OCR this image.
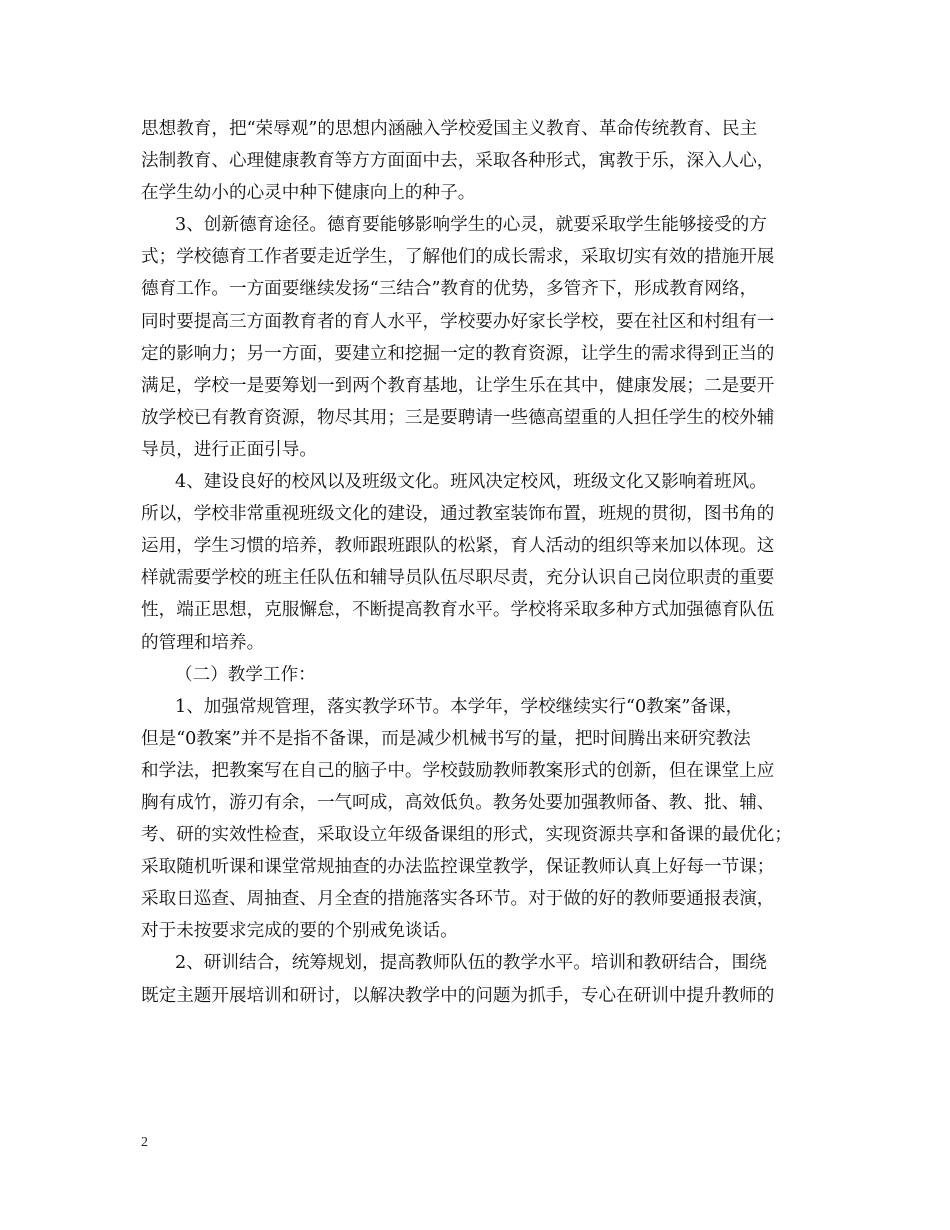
思想教育，把“荣辱观”的思想内涵融入学校爱国主义教育、革命传统教育、民主
法制教育、心理健康教育等方方面面中去，采取各种形式，寓教于乐，深入人心，
在学生幼小的心灵中种下健康向上的种子。
3、创新德育途径。德育要能够影响学生的心灵，就要采取学生能够接受的方
式；学校德育工作者要走近学生，了解他们的成长需求，采取切实有效的措施开展
德育工作。一方面要继续发扬“三结合”教育的优势，多管齐下，形成教育网络，
同时要提高三方面教育者的育人水平，学校要办好家长学校，要在社区和村组有一
定的影响力；另一方面，要建立和挖掘一定的教育资源，让学生的需求得到正当的
满足，学校一是要筹划一到两个教育基地，让学生乐在其中，健康发展；二是要开
放学校已有教育资源，物尽其用；三是要聘请一些德高望重的人担任学生的校外辅
导员，进行正面引导。
4、建设良好的校风以及班级文化。班风决定校风，班级文化又影响着班风。
所以，学校非常重视班级文化的建设，通过教室装饰布置，班规的贯彻，图书角的
运用，学生习惯的培养，教师跟班跟队的松紧，育人活动的组织等来加以体现。这
样就需要学校的班主任队伍和辅导员队伍尽职尽责，充分认识自己岗位职责的重要
性，端正思想，克服懈怠，不断提高教育水平。学校将采取多种方式加强德育队伍
的管理和培养。
（二）教学工作：
1、加强常规管理，落实教学环节。本学年，学校继续实行“0教案”备课，
但是“0教案”并不是指不备课，而是减少机械书写的量，把时间腾出来研究教法
和学法，把教案写在自己的脑子中。学校鼓励教师教案形式的创新，但在课堂上应
胸有成竹，游刃有余，一气呵成，高效低负。教务处要加强教师备、教、批、辅、
考、研的实效性检查，采取设立年级备课组的形式，实现资源共享和备课的最优化；
采取随机听课和课堂常规抽查的办法监控课堂教学，保证教师认真上好每一节课；
采取日巡查、周抽查、月全查的措施落实各环节。对于做的好的教师要通报表演，
对于未按要求完成的要的个别戒免谈话。
2、研训结合，统筹规划，提高教师队伍的教学水平。培训和教研结合，围绕
既定主题开展培训和研讨，以解决教学中的问题为抓手，专心在研训中提升教师的
2
